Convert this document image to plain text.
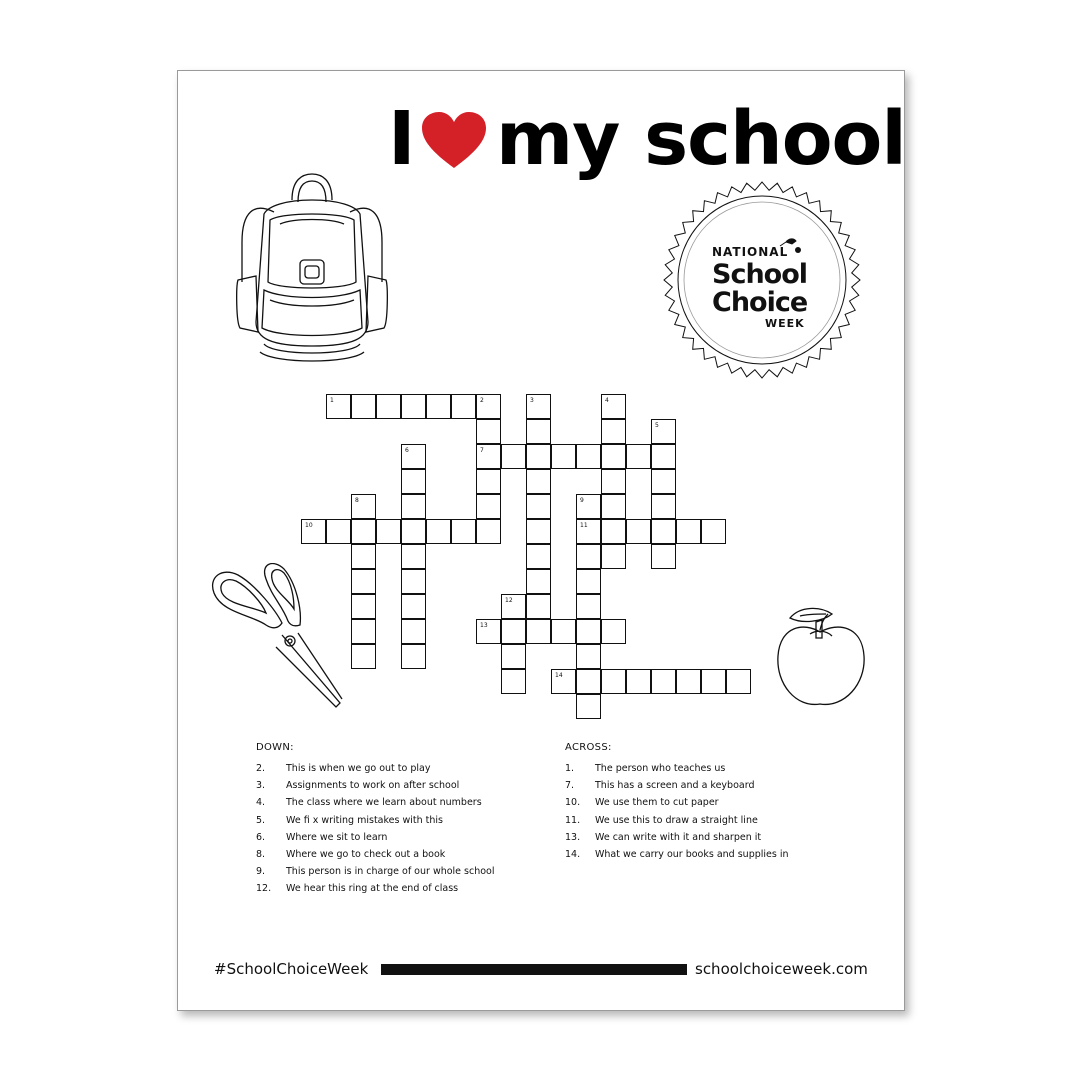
I my school
NATIONAL
School
Choice
WEEK
1	2
7
3	4
5
6
8	9
11
10
12
13
14
DOWN:
2.	This is when we go out to play
3.	Assignments to work on after school
4.	The class where we learn about numbers
5.	We fi x writing mistakes with this
6.	Where we sit to learn
8.	Where we go to check out a book
9.	This person is in charge of our whole school
12.	We hear this ring at the end of class
ACROSS:
1.	The person who teaches us
7.	This has a screen and a keyboard
10.	We use them to cut paper
11.	We use this to draw a straight line
13.	We can write with it and sharpen it
14.	What we carry our books and supplies in
#SchoolChoiceWeek	schoolchoiceweek.com
